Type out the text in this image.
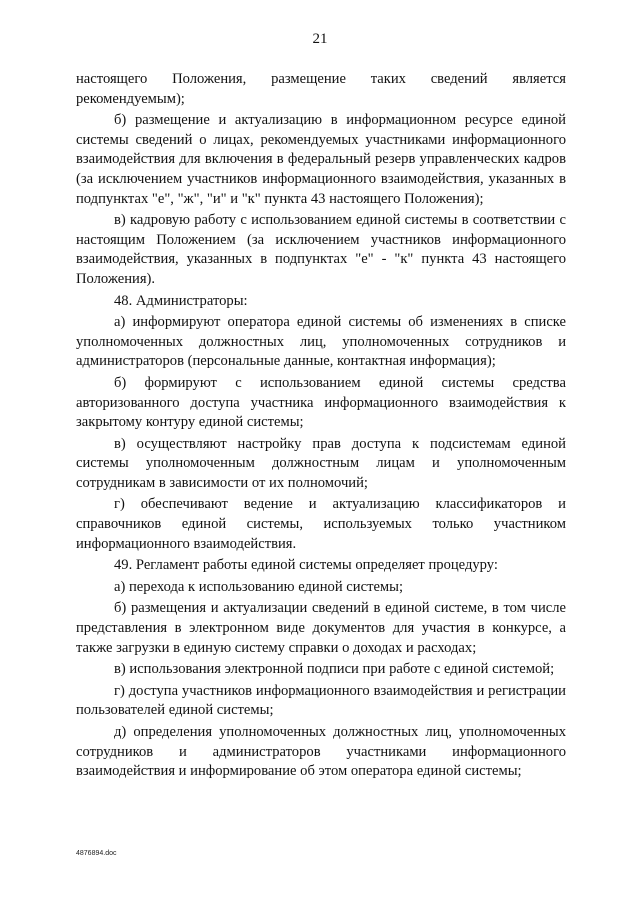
21

настоящего Положения, размещение таких сведений является рекомендуемым);

б) размещение и актуализацию в информационном ресурсе единой системы сведений о лицах, рекомендуемых участниками информационного взаимодействия для включения в федеральный резерв управленческих кадров (за исключением участников информационного взаимодействия, указанных в подпунктах "е", "ж", "и" и "к" пункта 43 настоящего Положения);

в) кадровую работу с использованием единой системы в соответствии с настоящим Положением (за исключением участников информационного взаимодействия, указанных в подпунктах "е" - "к" пункта 43 настоящего Положения).

48. Администраторы:

а) информируют оператора единой системы об изменениях в списке уполномоченных должностных лиц, уполномоченных сотрудников и администраторов (персональные данные, контактная информация);

б) формируют с использованием единой системы средства авторизованного доступа участника информационного взаимодействия к закрытому контуру единой системы;

в) осуществляют настройку прав доступа к подсистемам единой системы уполномоченным должностным лицам и уполномоченным сотрудникам в зависимости от их полномочий;

г) обеспечивают ведение и актуализацию классификаторов и справочников единой системы, используемых только участником информационного взаимодействия.

49. Регламент работы единой системы определяет процедуру:

а) перехода к использованию единой системы;

б) размещения и актуализации сведений в единой системе, в том числе представления в электронном виде документов для участия в конкурсе, а также загрузки в единую систему справки о доходах и расходах;

в) использования электронной подписи при работе с единой системой;

г) доступа участников информационного взаимодействия и регистрации пользователей единой системы;

д) определения уполномоченных должностных лиц, уполномоченных сотрудников и администраторов участниками информационного взаимодействия и информирование об этом оператора единой системы;

4876894.doc
